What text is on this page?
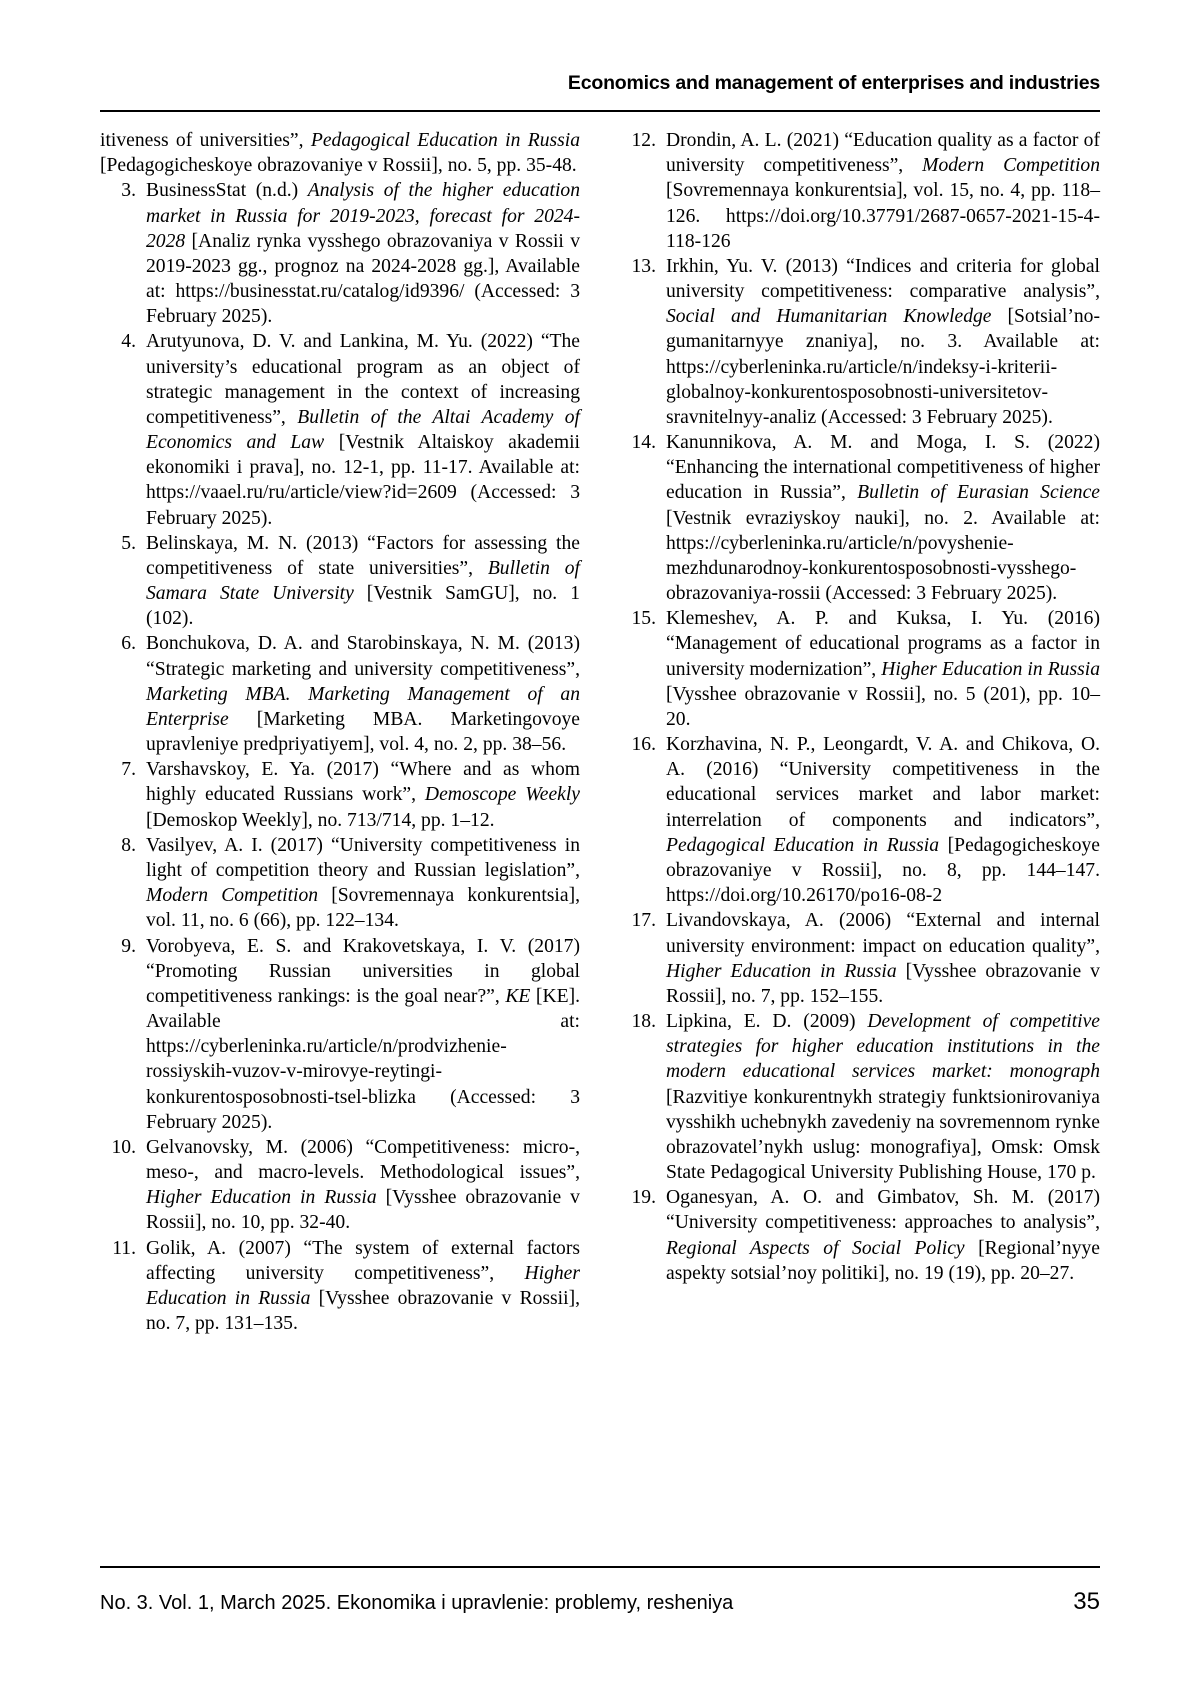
Economics and management of enterprises and industries

itiveness of universities”, Pedagogical Education in Russia [Pedagogicheskoye obrazovaniye v Rossii], no. 5, pp. 35-48.

3. BusinessStat (n.d.) Analysis of the higher education market in Russia for 2019-2023, forecast for 2024-2028 [Analiz rynka vysshego obrazovaniya v Rossii v 2019-2023 gg., prognoz na 2024-2028 gg.], Available at: https://businesstat.ru/catalog/id9396/ (Accessed: 3 February 2025).
4. Arutyunova, D. V. and Lankina, M. Yu. (2022) “The university’s educational program as an object of strategic management in the context of increasing competitiveness”, Bulletin of the Altai Academy of Economics and Law [Vestnik Altaiskoy akademii ekonomiki i prava], no. 12-1, pp. 11-17. Available at: https://vaael.ru/ru/article/view?id=2609 (Accessed: 3 February 2025).
5. Belinskaya, M. N. (2013) “Factors for assessing the competitiveness of state universities”, Bulletin of Samara State University [Vestnik SamGU], no. 1 (102).
6. Bonchukova, D. A. and Starobinskaya, N. M. (2013) “Strategic marketing and university competitiveness”, Marketing MBA. Marketing Management of an Enterprise [Marketing MBA. Marketingovoye upravleniye predpriyatiyem], vol. 4, no. 2, pp. 38–56.
7. Varshavskoy, E. Ya. (2017) “Where and as whom highly educated Russians work”, Demoscope Weekly [Demoskop Weekly], no. 713/714, pp. 1–12.
8. Vasilyev, A. I. (2017) “University competitiveness in light of competition theory and Russian legislation”, Modern Competition [Sovremennaya konkurentsia], vol. 11, no. 6 (66), pp. 122–134.
9. Vorobyeva, E. S. and Krakovetskaya, I. V. (2017) “Promoting Russian universities in global competitiveness rankings: is the goal near?”, KE [KE]. Available at: https://cyberleninka.ru/article/n/prodvizhenie-rossiyskih-vuzov-v-mirovye-reytingi-konkurentosposobnosti-tsel-blizka (Accessed: 3 February 2025).
10. Gelvanovsky, M. (2006) “Competitiveness: micro-, meso-, and macro-levels. Methodological issues”, Higher Education in Russia [Vysshee obrazovanie v Rossii], no. 10, pp. 32-40.
11. Golik, A. (2007) “The system of external factors affecting university competitiveness”, Higher Education in Russia [Vysshee obrazovanie v Rossii], no. 7, pp. 131–135.
12. Drondin, A. L. (2021) “Education quality as a factor of university competitiveness”, Modern Competition [Sovremennaya konkurentsia], vol. 15, no. 4, pp. 118–126. https://doi.org/10.37791/2687-0657-2021-15-4-118-126
13. Irkhin, Yu. V. (2013) “Indices and criteria for global university competitiveness: comparative analysis”, Social and Humanitarian Knowledge [Sotsial’no-gumanitarnyye znaniya], no. 3. Available at: https://cyberleninka.ru/article/n/indeksy-i-kriterii-globalnoy-konkurentosposobnosti-universitetov-sravnitelnyy-analiz (Accessed: 3 February 2025).
14. Kanunnikova, A. M. and Moga, I. S. (2022) “Enhancing the international competitiveness of higher education in Russia”, Bulletin of Eurasian Science [Vestnik evraziyskoy nauki], no. 2. Available at: https://cyberleninka.ru/article/n/povyshenie-mezhdunarodnoy-konkurentosposobnosti-vysshego-obrazovaniya-rossii (Accessed: 3 February 2025).
15. Klemeshev, A. P. and Kuksa, I. Yu. (2016) “Management of educational programs as a factor in university modernization”, Higher Education in Russia [Vysshee obrazovanie v Rossii], no. 5 (201), pp. 10–20.
16. Korzhavina, N. P., Leongardt, V. A. and Chikova, O. A. (2016) “University competitiveness in the educational services market and labor market: interrelation of components and indicators”, Pedagogical Education in Russia [Pedagogicheskoye obrazovaniye v Rossii], no. 8, pp. 144–147. https://doi.org/10.26170/po16-08-2
17. Livandovskaya, A. (2006) “External and internal university environment: impact on education quality”, Higher Education in Russia [Vysshee obrazovanie v Rossii], no. 7, pp. 152–155.
18. Lipkina, E. D. (2009) Development of competitive strategies for higher education institutions in the modern educational services market: monograph [Razvitiye konkurentnykh strategiy funktsionirovaniya vysshikh uchebnykh zavedeniy na sovremennom rynke obrazovatel’nykh uslug: monografiya], Omsk: Omsk State Pedagogical University Publishing House, 170 p.
19. Oganesyan, A. O. and Gimbatov, Sh. M. (2017) “University competitiveness: approaches to analysis”, Regional Aspects of Social Policy [Regional’nyye aspekty sotsial’noy politiki], no. 19 (19), pp. 20–27.
No. 3. Vol. 1, March 2025. Ekonomika i upravlenie: problemy, resheniya	35
